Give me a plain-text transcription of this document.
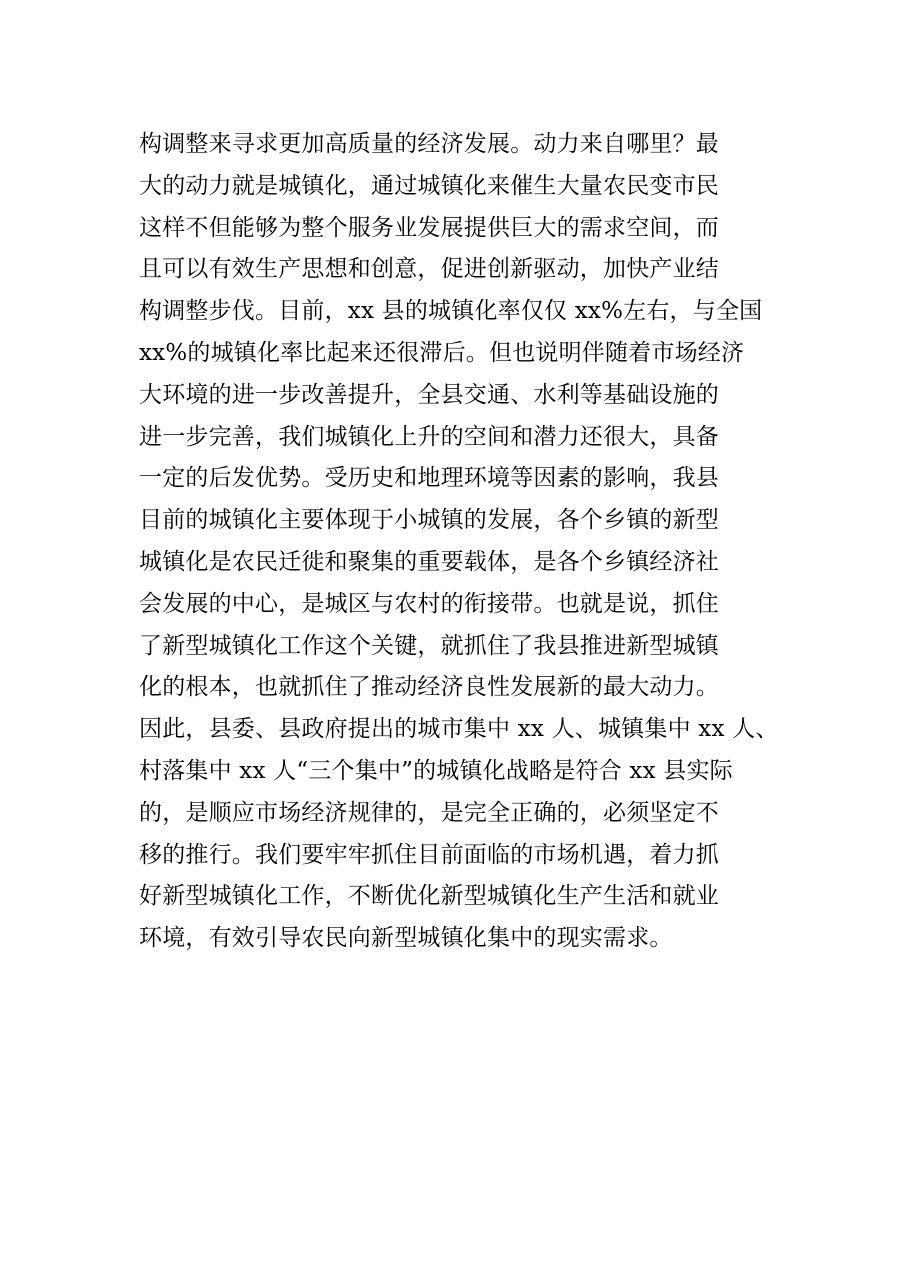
构调整来寻求更加高质量的经济发展。动力来自哪里？最
大的动力就是城镇化，通过城镇化来催生大量农民变市民
这样不但能够为整个服务业发展提供巨大的需求空间，而
且可以有效生产思想和创意，促进创新驱动，加快产业结
构调整步伐。目前，xx 县的城镇化率仅仅 xx%左右，与全国
xx%的城镇化率比起来还很滞后。但也说明伴随着市场经济
大环境的进一步改善提升，全县交通、水利等基础设施的
进一步完善，我们城镇化上升的空间和潜力还很大，具备
一定的后发优势。受历史和地理环境等因素的影响，我县
目前的城镇化主要体现于小城镇的发展，各个乡镇的新型
城镇化是农民迁徙和聚集的重要载体，是各个乡镇经济社
会发展的中心，是城区与农村的衔接带。也就是说，抓住
了新型城镇化工作这个关键，就抓住了我县推进新型城镇
化的根本，也就抓住了推动经济良性发展新的最大动力。
因此，县委、县政府提出的城市集中 xx 人、城镇集中 xx 人、
村落集中 xx 人“三个集中”的城镇化战略是符合 xx 县实际
的，是顺应市场经济规律的，是完全正确的，必须坚定不
移的推行。我们要牢牢抓住目前面临的市场机遇，着力抓
好新型城镇化工作，不断优化新型城镇化生产生活和就业
环境，有效引导农民向新型城镇化集中的现实需求。
